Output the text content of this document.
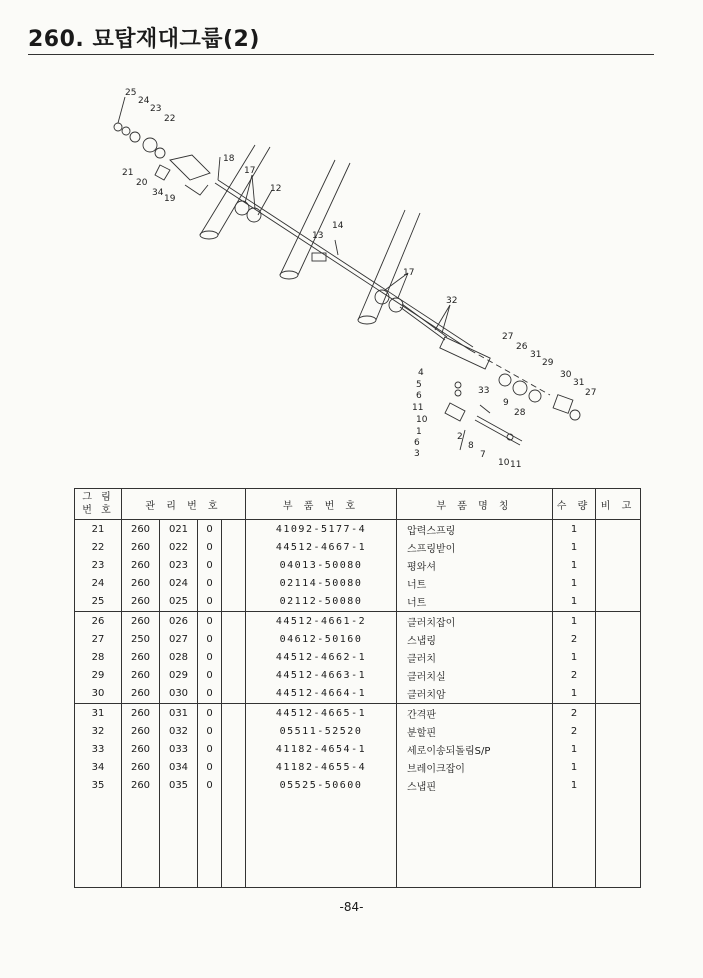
260. 묘탑재대그룹(2)
25
24
23
22
21
20
34
19
18
17
12
14
13
17
32
27
26
31
29
30
31
27
28
4
5
6	33
11
10
9
1
6
2
8
3	7
10 11
그 림
번 호	관 리 번 호				부 품 번 호	부 품 명 칭	수 량	비 고
21	260	021	0		41092-5177-4	압력스프링	1	
22	260	022	0		44512-4667-1	스프링받이	1	
23	260	023	0		04013-50080	평와셔	1	
24	260	024	0		02114-50080	너트	1	
25	260	025	0		02112-50080	너트	1	
26	260	026	0		44512-4661-2	클러치잡이	1	
27	250	027	0		04612-50160	스냅링	2	
28	260	028	0		44512-4662-1	클러치	1	
29	260	029	0		44512-4663-1	클러치실	2	
30	260	030	0		44512-4664-1	클러치암	1	
31	260	031	0		44512-4665-1	간격판	2	
32	260	032	0		05511-52520	분할핀	2	
33	260	033	0		41182-4654-1	세로이송되돌림S/P	1	
34	260	034	0		41182-4655-4	브레이크잡이	1	
35	260	035	0		05525-50600	스냅핀	1	

-84-
